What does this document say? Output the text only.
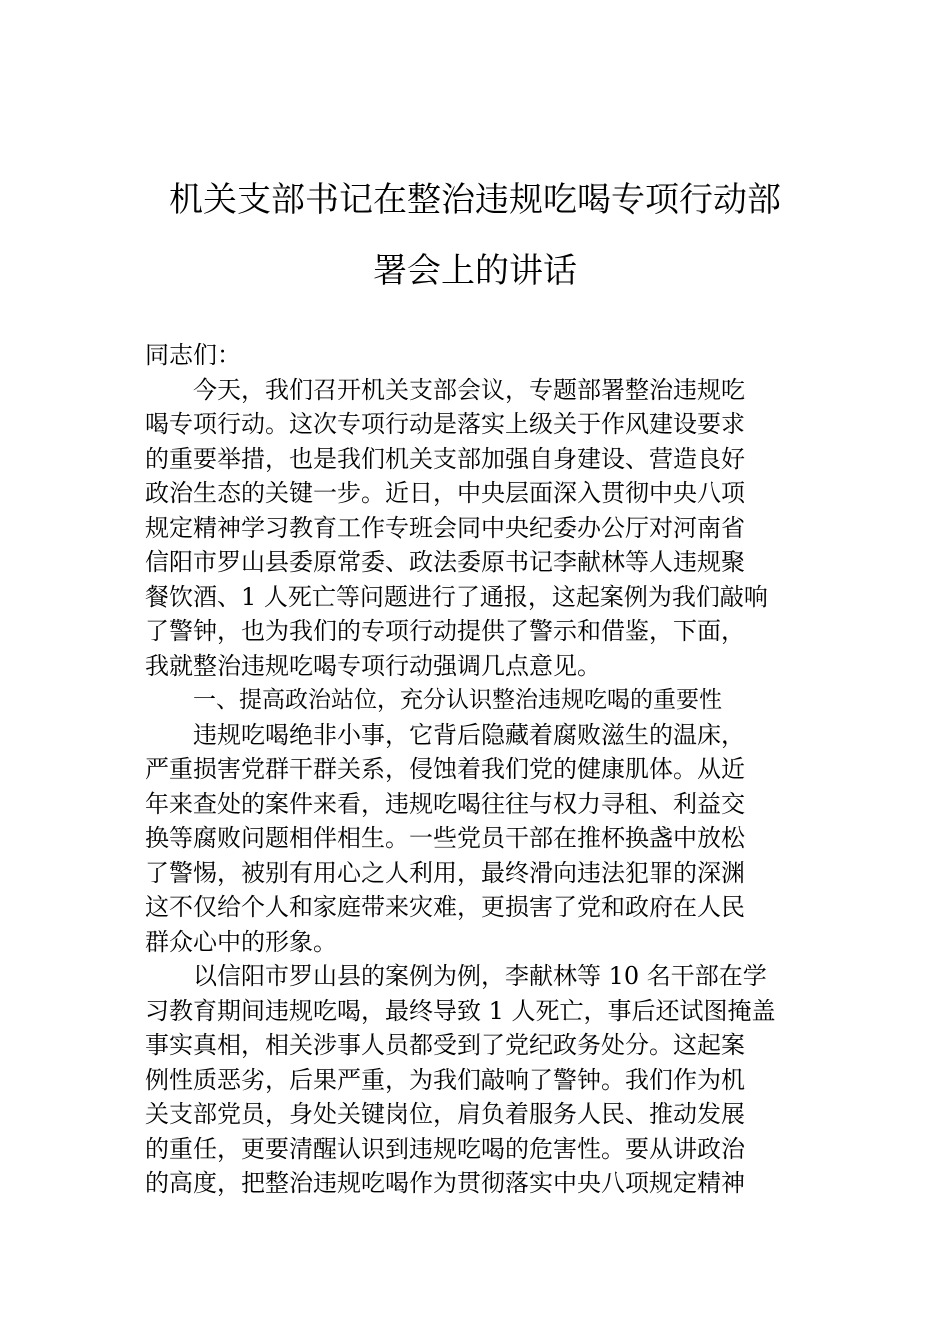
机关支部书记在整治违规吃喝专项行动部
署会上的讲话
同志们：
今天，我们召开机关支部会议，专题部署整治违规吃
喝专项行动。这次专项行动是落实上级关于作风建设要求
的重要举措，也是我们机关支部加强自身建设、营造良好
政治生态的关键一步。近日，中央层面深入贯彻中央八项
规定精神学习教育工作专班会同中央纪委办公厅对河南省
信阳市罗山县委原常委、政法委原书记李献林等人违规聚
餐饮酒、1 人死亡等问题进行了通报，这起案例为我们敲响
了警钟，也为我们的专项行动提供了警示和借鉴，下面，
我就整治违规吃喝专项行动强调几点意见。
一、提高政治站位，充分认识整治违规吃喝的重要性
违规吃喝绝非小事，它背后隐藏着腐败滋生的温床，
严重损害党群干群关系，侵蚀着我们党的健康肌体。从近
年来查处的案件来看，违规吃喝往往与权力寻租、利益交
换等腐败问题相伴相生。一些党员干部在推杯换盏中放松
了警惕，被别有用心之人利用，最终滑向违法犯罪的深渊
这不仅给个人和家庭带来灾难，更损害了党和政府在人民
群众心中的形象。
以信阳市罗山县的案例为例，李献林等 10 名干部在学
习教育期间违规吃喝，最终导致 1 人死亡，事后还试图掩盖
事实真相，相关涉事人员都受到了党纪政务处分。这起案
例性质恶劣，后果严重，为我们敲响了警钟。我们作为机
关支部党员，身处关键岗位，肩负着服务人民、推动发展
的重任，更要清醒认识到违规吃喝的危害性。要从讲政治
的高度，把整治违规吃喝作为贯彻落实中央八项规定精神
